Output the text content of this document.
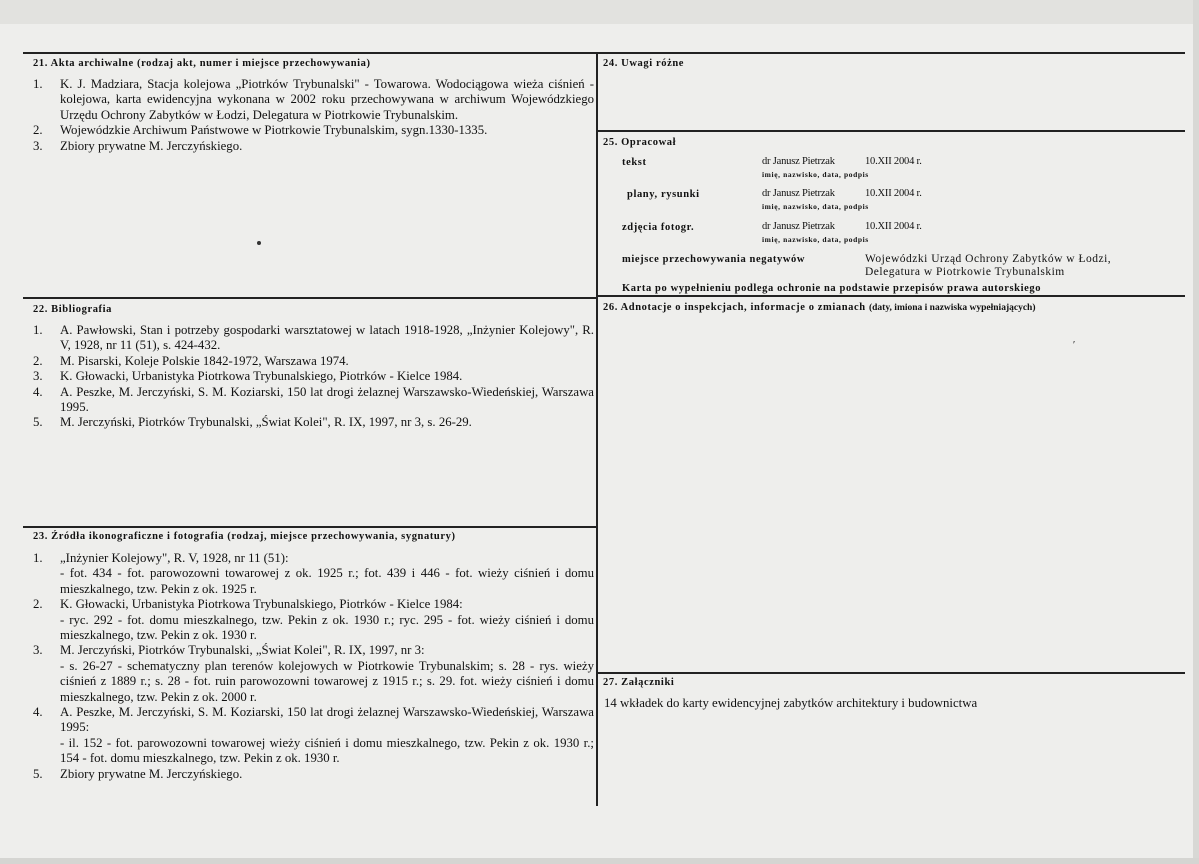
21. Akta archiwalne (rodzaj akt, numer i miejsce przechowywania)
1. K. J. Madziara, Stacja kolejowa „Piotrków Trybunalski" - Towarowa. Wodociągowa wieża ciśnień - kolejowa, karta ewidencyjna wykonana w 2002 roku przechowywana w archiwum Wojewódzkiego Urzędu Ochrony Zabytków w Łodzi, Delegatura w Piotrkowie Trybunalskim.
2. Wojewódzkie Archiwum Państwowe w Piotrkowie Trybunalskim, sygn.1330-1335.
3. Zbiory prywatne M. Jerczyńskiego.
22. Bibliografia
1. A. Pawłowski, Stan i potrzeby gospodarki warsztatowej w latach 1918-1928, „Inżynier Kolejowy", R. V, 1928, nr 11 (51), s. 424-432.
2. M. Pisarski, Koleje Polskie 1842-1972, Warszawa 1974.
3. K. Głowacki, Urbanistyka Piotrkowa Trybunalskiego, Piotrków - Kielce 1984.
4. A. Peszke, M. Jerczyński, S. M. Koziarski, 150 lat drogi żelaznej Warszawsko-Wiedeńskiej, Warszawa 1995.
5. M. Jerczyński, Piotrków Trybunalski, „Świat Kolei", R. IX, 1997, nr 3, s. 26-29.
23. Źródła ikonograficzne i fotografia (rodzaj, miejsce przechowywania, sygnatury)
1. „Inżynier Kolejowy", R. V, 1928, nr 11 (51):
- fot. 434 - fot. parowozowni towarowej z ok. 1925 r.; fot. 439 i 446 - fot. wieży ciśnień i domu mieszkalnego, tzw. Pekin z ok. 1925 r.
2. K. Głowacki, Urbanistyka Piotrkowa Trybunalskiego, Piotrków - Kielce 1984:
- ryc. 292 - fot. domu mieszkalnego, tzw. Pekin z ok. 1930 r.; ryc. 295 - fot. wieży ciśnień i domu mieszkalnego, tzw. Pekin z ok. 1930 r.
3. M. Jerczyński, Piotrków Trybunalski, „Świat Kolei", R. IX, 1997, nr 3:
- s. 26-27 - schematyczny plan terenów kolejowych w Piotrkowie Trybunalskim; s. 28 - rys. wieży ciśnień z 1889 r.; s. 28 - fot. ruin parowozowni towarowej z 1915 r.; s. 29. fot. wieży ciśnień i domu mieszkalnego, tzw. Pekin z ok. 2000 r.
4. A. Peszke, M. Jerczyński, S. M. Koziarski, 150 lat drogi żelaznej Warszawsko-Wiedeńskiej, Warszawa 1995:
- il. 152 - fot. parowozowni towarowej wieży ciśnień i domu mieszkalnego, tzw. Pekin z ok. 1930 r.; 154 - fot. domu mieszkalnego, tzw. Pekin z ok. 1930 r.
5. Zbiory prywatne M. Jerczyńskiego.
24. Uwagi różne
25. Opracował
tekst	dr Janusz Pietrzak	10.XII 2004 r.
imię, nazwisko, data, podpis
plany, rysunki	dr Janusz Pietrzak	10.XII 2004 r.
imię, nazwisko, data, podpis
zdjęcia fotogr.	dr Janusz Pietrzak	10.XII 2004 r.
imię, nazwisko, data, podpis
miejsce przechowywania negatywów	Wojewódzki Urząd Ochrony Zabytków w Łodzi,
Delegatura w Piotrkowie Trybunalskim
Karta po wypełnieniu podlega ochronie na podstawie przepisów prawa autorskiego
26. Adnotacje o inspekcjach, informacje o zmianach (daty, imiona i nazwiska wypełniających)
′
27. Załączniki
14 wkładek do karty ewidencyjnej zabytków architektury i budownictwa
